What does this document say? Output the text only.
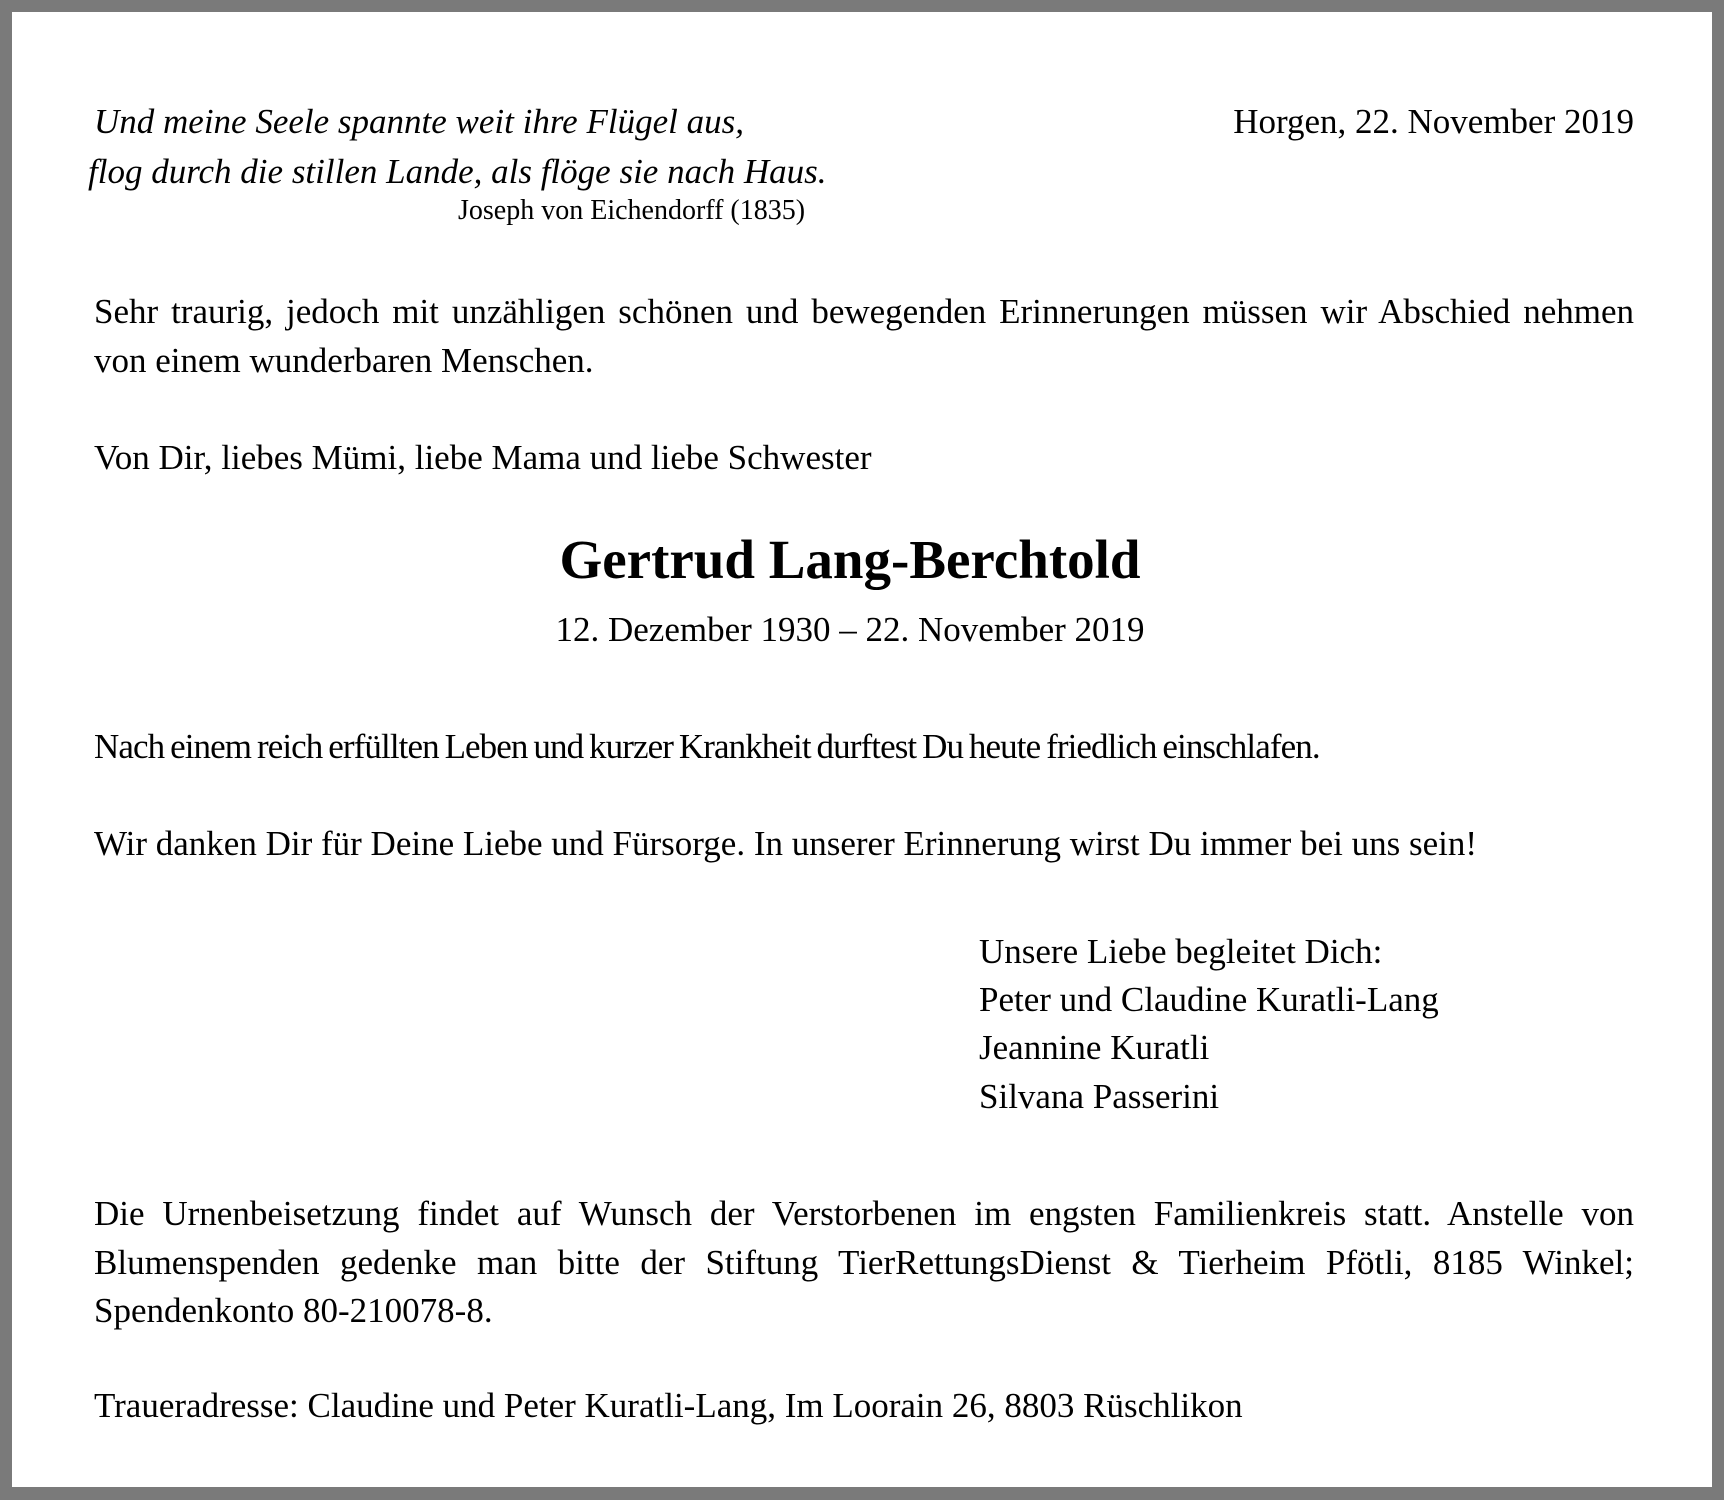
Und meine Seele spannte weit ihre Flügel aus,
flog durch die stillen Lande, als flöge sie nach Haus.
Joseph von Eichendorff (1835)
Horgen, 22. November 2019
Sehr traurig, jedoch mit unzähligen schönen und bewegenden Erinnerungen müssen wir Abschied nehmen von einem wunderbaren Menschen.
Von Dir, liebes Mümi, liebe Mama und liebe Schwester
Gertrud Lang-Berchtold
12. Dezember 1930 – 22. November 2019
Nach einem reich erfüllten Leben und kurzer Krankheit durftest Du heute friedlich einschlafen.
Wir danken Dir für Deine Liebe und Fürsorge. In unserer Erinnerung wirst Du immer bei uns sein!
Unsere Liebe begleitet Dich:
Peter und Claudine Kuratli-Lang
Jeannine Kuratli
Silvana Passerini
Die Urnenbeisetzung findet auf Wunsch der Verstorbenen im engsten Familienkreis statt. Anstelle von Blumenspenden gedenke man bitte der Stiftung TierRettungsDienst & Tierheim Pfötli, 8185 Winkel; Spendenkonto 80-210078-8.
Traueradresse: Claudine und Peter Kuratli-Lang, Im Loorain 26, 8803 Rüschlikon
